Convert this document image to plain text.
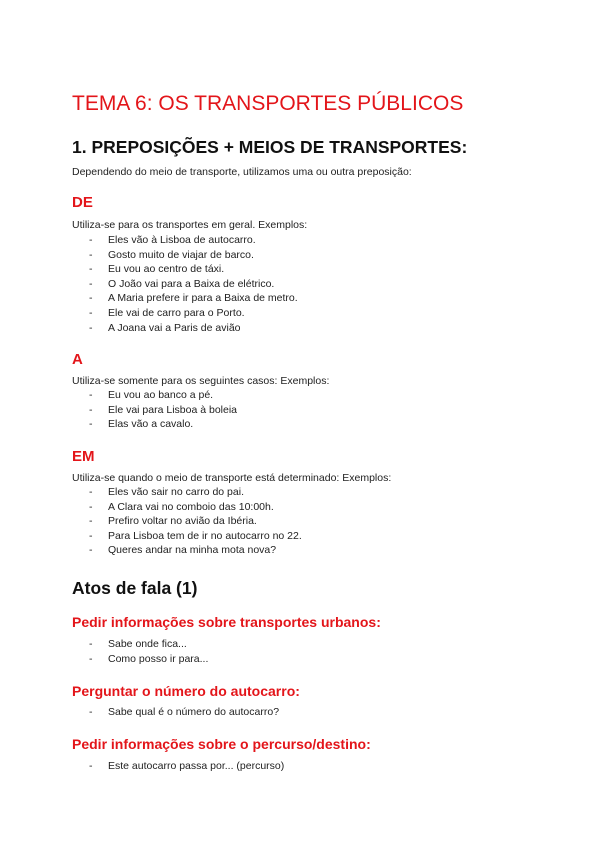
TEMA 6: OS TRANSPORTES PÚBLICOS
1. PREPOSIÇÕES + MEIOS DE TRANSPORTES:

Dependendo do meio de transporte, utilizamos uma ou outra preposição:

DE

Utiliza-se para os transportes em geral. Exemplos:

- Eles vão à Lisboa de autocarro.
- Gosto muito de viajar de barco.
- Eu vou ao centro de táxi.
- O João vai para a Baixa de elétrico.
- A Maria prefere ir para a Baixa de metro.
- Ele vai de carro para o Porto.
- A Joana vai a Paris de avião
A

Utiliza-se somente para os seguintes casos: Exemplos:

- Eu vou ao banco a pé.
- Ele vai para Lisboa à boleia
- Elas vão a cavalo.
EM

Utiliza-se quando o meio de transporte está determinado: Exemplos:

- Eles vão sair no carro do pai.
- A Clara vai no comboio das 10:00h.
- Prefiro voltar no avião da Ibéria.
- Para Lisboa tem de ir no autocarro no 22.
- Queres andar na minha mota nova?
Atos de fala (1)
Pedir informações sobre transportes urbanos:
- Sabe onde fica...
- Como posso ir para...
Perguntar o número do autocarro:
- Sabe qual é o número do autocarro?
Pedir informações sobre o percurso/destino:
- Este autocarro passa por... (percurso)
